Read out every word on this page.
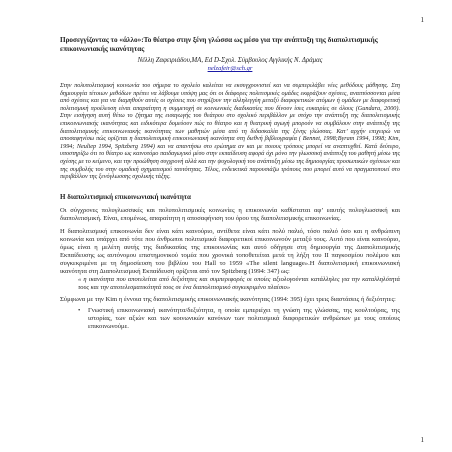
1
Προσεγγίζοντας το «άλλο»:Το θέατρο στην ξένη γλώσσα ως μέσο για την ανάπτυξη της διαπολιτισμικής επικοινωνιακής ικανότητας
Νέλλη Ζαφειριάδου,ΜΑ, Ed D-Σχολ. Σύμβουλος Αγγλικής Ν. Δράμας
nelzafeir@sch.gr
Στην πολυπολιτισμική κοινωνία του σήμερα το σχολείο καλείται να εκσυγχρονιστεί και να συμπεριλάβει νέες μεθόδους μάθησης. Στη δημιουργία τέτοιων μεθόδων πρέπει να λάβουμε υπόψη μας ότι οι διάφορες πολιτισμικές ομάδες εκφράζουν σχέσεις, αναπτύσσονται μέσα από σχέσεις και για να διαμηθούν αυτές οι σχέσεις που στηρίζουν την αλληλεγγύη μεταξύ διαφορετικών ατόμων ή ομάδων με διαφορετική πολιτισμική προέλευση είναι απαραίτητη η συμμετοχή σε κοινωνικές διαδικασίες που δίνουν ίσες ευκαιρίες σε όλους (Gundara, 2000). Στην εισήγηση αυτή θέτω το ζήτημα της εισαγωγής του θεάτρου στο σχολικό περιβάλλον με στόχο την ανάπτυξη της διαπολιτισμικής επικοινωνιακής ικανότητας και ειδικότερα δομεύουν πώς το θέατρο και η θεατρική αγωγή μπορούν να συμβάλουν στην ανάπτυξη της διαπολιτισμικής επικοινωνιακής ικανότητας των μαθητών μέσα από τη διδασκαλία της ξένης γλώσσας. Κατ’ αρχήν επιχειρώ να αποσαφηνίσω πώς ορίζεται η διαπολιτισμική επικοινωνιακή ικανότητα στη διεθνή βιβλιογραφία ( Bennet, 1998;Byram 1994, 1998; Kim, 1994; Neuliep 1994, Spitzberg 1994) και να απαντήσω στο ερώτημα αν και με ποιους τρόπους μπορεί να αναπτυχθεί. Κατά δεύτερο, υποστηρίζω ότι το θέατρο ως καινοτόμο παιδαγωγικό μέσο στην εκπαίδευση αφορά όχι μόνο την γλωσσική ανάπτυξη του μαθητή μέσω της σχέσης με το κείμενο, και την προώθηση συγχρονή αλλά και την ψυχολογική του ανάπτυξη μέσω της δημιουργίας προσωπικών σχέσεων και της συμβολής του στην ομαδική σχηματισμού ταυτότητας. Τέλος, ενδεικτικά παρουσιάζω τρόπους που μπορεί αυτό να πραγματοποιεί στο περιβάλλον της ξενόγλωσσης σχολικής τάξης.
Η διαπολιτισμική επικοινωνιακή ικανότητα
Οι σύγχρονες πολυγλωσσικές και πολυπολιτισμικές κοινωνίες η επικοινωνία καθίσταται αφ’ εαυτής πολυγλωσσική και διαπολιτισμική. Είναι, επομένως, απαραίτητη η αποσαφήνιση του όρου της διαπολιτισμικής επικοινωνίας.
Η διαπολιτισμική επικοινωνία δεν είναι κάτι καινούριο, αντίθετα είναι κάτι πολύ παλιό, τόσο παλιό όσο και η ανθρώπινη κοινωνία και υπάρχει από τότε που άνθρωποι πολιτισμικά διαφορετικοί επικοινωνούν μεταξύ τους. Αυτό που είναι καινούριο, όμως είναι η μελέτη αυτής της διαδικασίας της επικοινωνίας και αυτό οδήγησε στη δημιουργία της Διαπολιτισμικής Εκπαίδευσης ως αυτόνομου επιστημονικού τομέα που χρονικά τοποθετείται μετά τη λήξη του ΙΙ παγκοσμίου πολέμου και συγκεκριμένα με τη δημοσίευση του βιβλίου του Hall το 1959 «The silent language».Η διαπολιτισμική επικοινωνιακή ικανότητα στη Διαπολιτισμική Εκπαίδευση ορίζεται από τον Spitzberg (1994: 347) ως:
« η ικανότητα που αποτελείται από δεξιότητες και συμπεριφορές οι οποίες αξιολογούνται κατάλληλες για την καταλληλότητά τους και την αποτελεσματικότητά τους σε ένα διαπολιτισμικό συγκεκριμένο πλαίσιο»
Σύμφωνα με την Kim η έννοια της διαπολιτισμικής επικοινωνιακής ικανότητας (1994: 395) έχει τρεις διαστάσεις ή δεξιότητες:
•	Γνωστική επικοινωνιακή ικανότητα/δεξιότητα, η οποία εμπεριέχει τη γνώση της γλώσσας, της κουλτούρας, της ιστορίας, των αξιών και των κοινωνικών κανόνων των πολιτισμικά διαφορετικών ανθρώπων με τους οποίους επικοινωνούμε.
1
